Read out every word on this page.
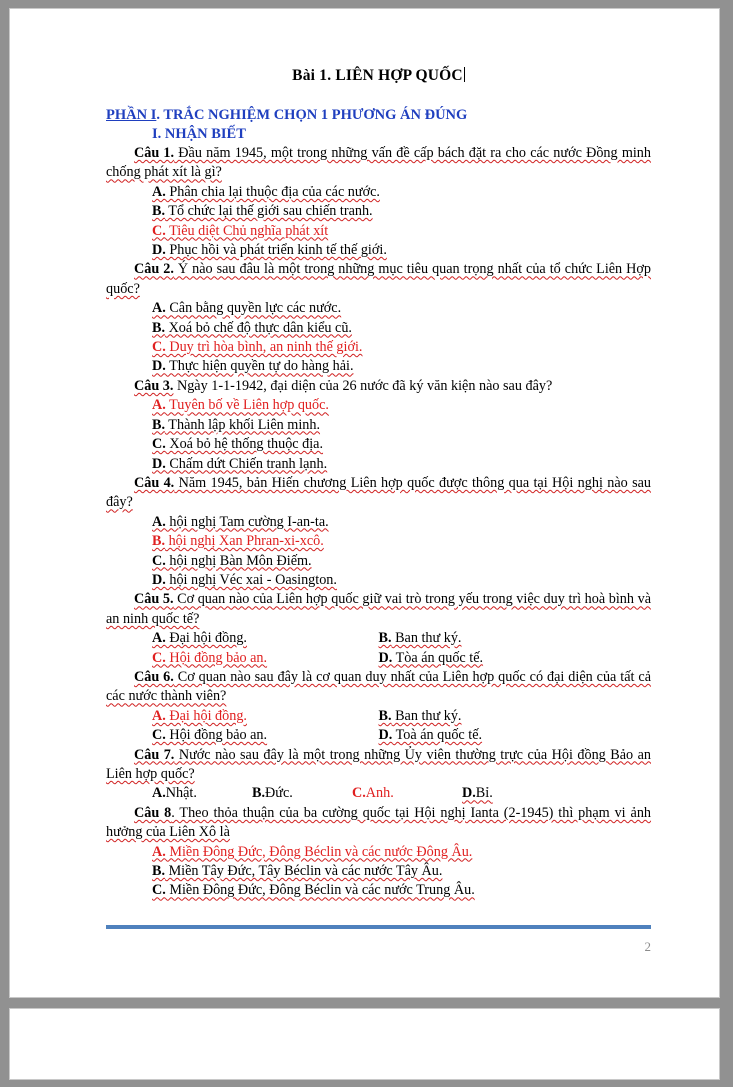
Bài 1. LIÊN HỢP QUỐC
PHẦN I. TRẮC NGHIỆM CHỌN 1 PHƯƠNG ÁN ĐÚNG
I. NHẬN BIẾT

Câu 1. Đầu năm 1945, một trong những vấn đề cấp bách đặt ra cho các nước Đồng minh chống phát xít là gì?

A. Phân chia lại thuộc địa của các nước.

B. Tổ chức lại thế giới sau chiến tranh.

C. Tiêu diệt Chủ nghĩa phát xít

D. Phục hồi và phát triển kinh tế thế giới.

Câu 2. Ý nào sau đâu là một trong những mục tiêu quan trọng nhất của tổ chức Liên Hợp quốc?

A. Cân bằng quyền lực các nước.

B. Xoá bỏ chế độ thực dân kiểu cũ.

C. Duy trì hòa bình, an ninh thế giới.

D. Thực hiện quyền tự do hàng hải.

Câu 3. Ngày 1-1-1942, đại diện của 26 nước đã ký văn kiện nào sau đây?

A. Tuyên bố về Liên hợp quốc.

B. Thành lập khối Liên minh.

C. Xoá bỏ hệ thống thuộc địa.

D. Chấm dứt Chiến tranh lạnh.

Câu 4. Năm 1945, bản Hiến chương Liên hợp quốc được thông qua tại Hội nghị nào sau đây?

A. hội nghị Tam cường I-an-ta.

B. hội nghị Xan Phran-xi-xcô.

C. hội nghị Bàn Môn Điếm.

D. hội nghị Véc xai - Oasington.

Câu 5. Cơ quan nào của Liên hợp quốc giữ vai trò trong yếu trong việc duy trì hoà bình và an ninh quốc tế?

A. Đại hội đồng.	B. Ban thư ký.
C. Hội đồng bảo an.	D. Tòa án quốc tế.

Câu 6. Cơ quan nào sau đây là cơ quan duy nhất của Liên hợp quốc có đại diện của tất cả các nước thành viên?

A. Đại hội đồng.	B. Ban thư ký.
C. Hội đồng bảo an.	D. Toà án quốc tế.

Câu 7. Nước nào sau đây là một trong những Ủy viên thường trực của Hội đồng Bảo an Liên hợp quốc?

A.Nhật.	B.Đức.	C.Anh.	D.Bỉ.

Câu 8. Theo thỏa thuận của ba cường quốc tại Hội nghị Ianta (2-1945) thì phạm vi ảnh hưởng của Liên Xô là

A. Miền Đông Đức, Đông Béclin và các nước Đông Âu.

B. Miền Tây Đức, Tây Béclin và các nước Tây Âu.

C. Miền Đông Đức, Đông Béclin và các nước Trung Âu.

2
